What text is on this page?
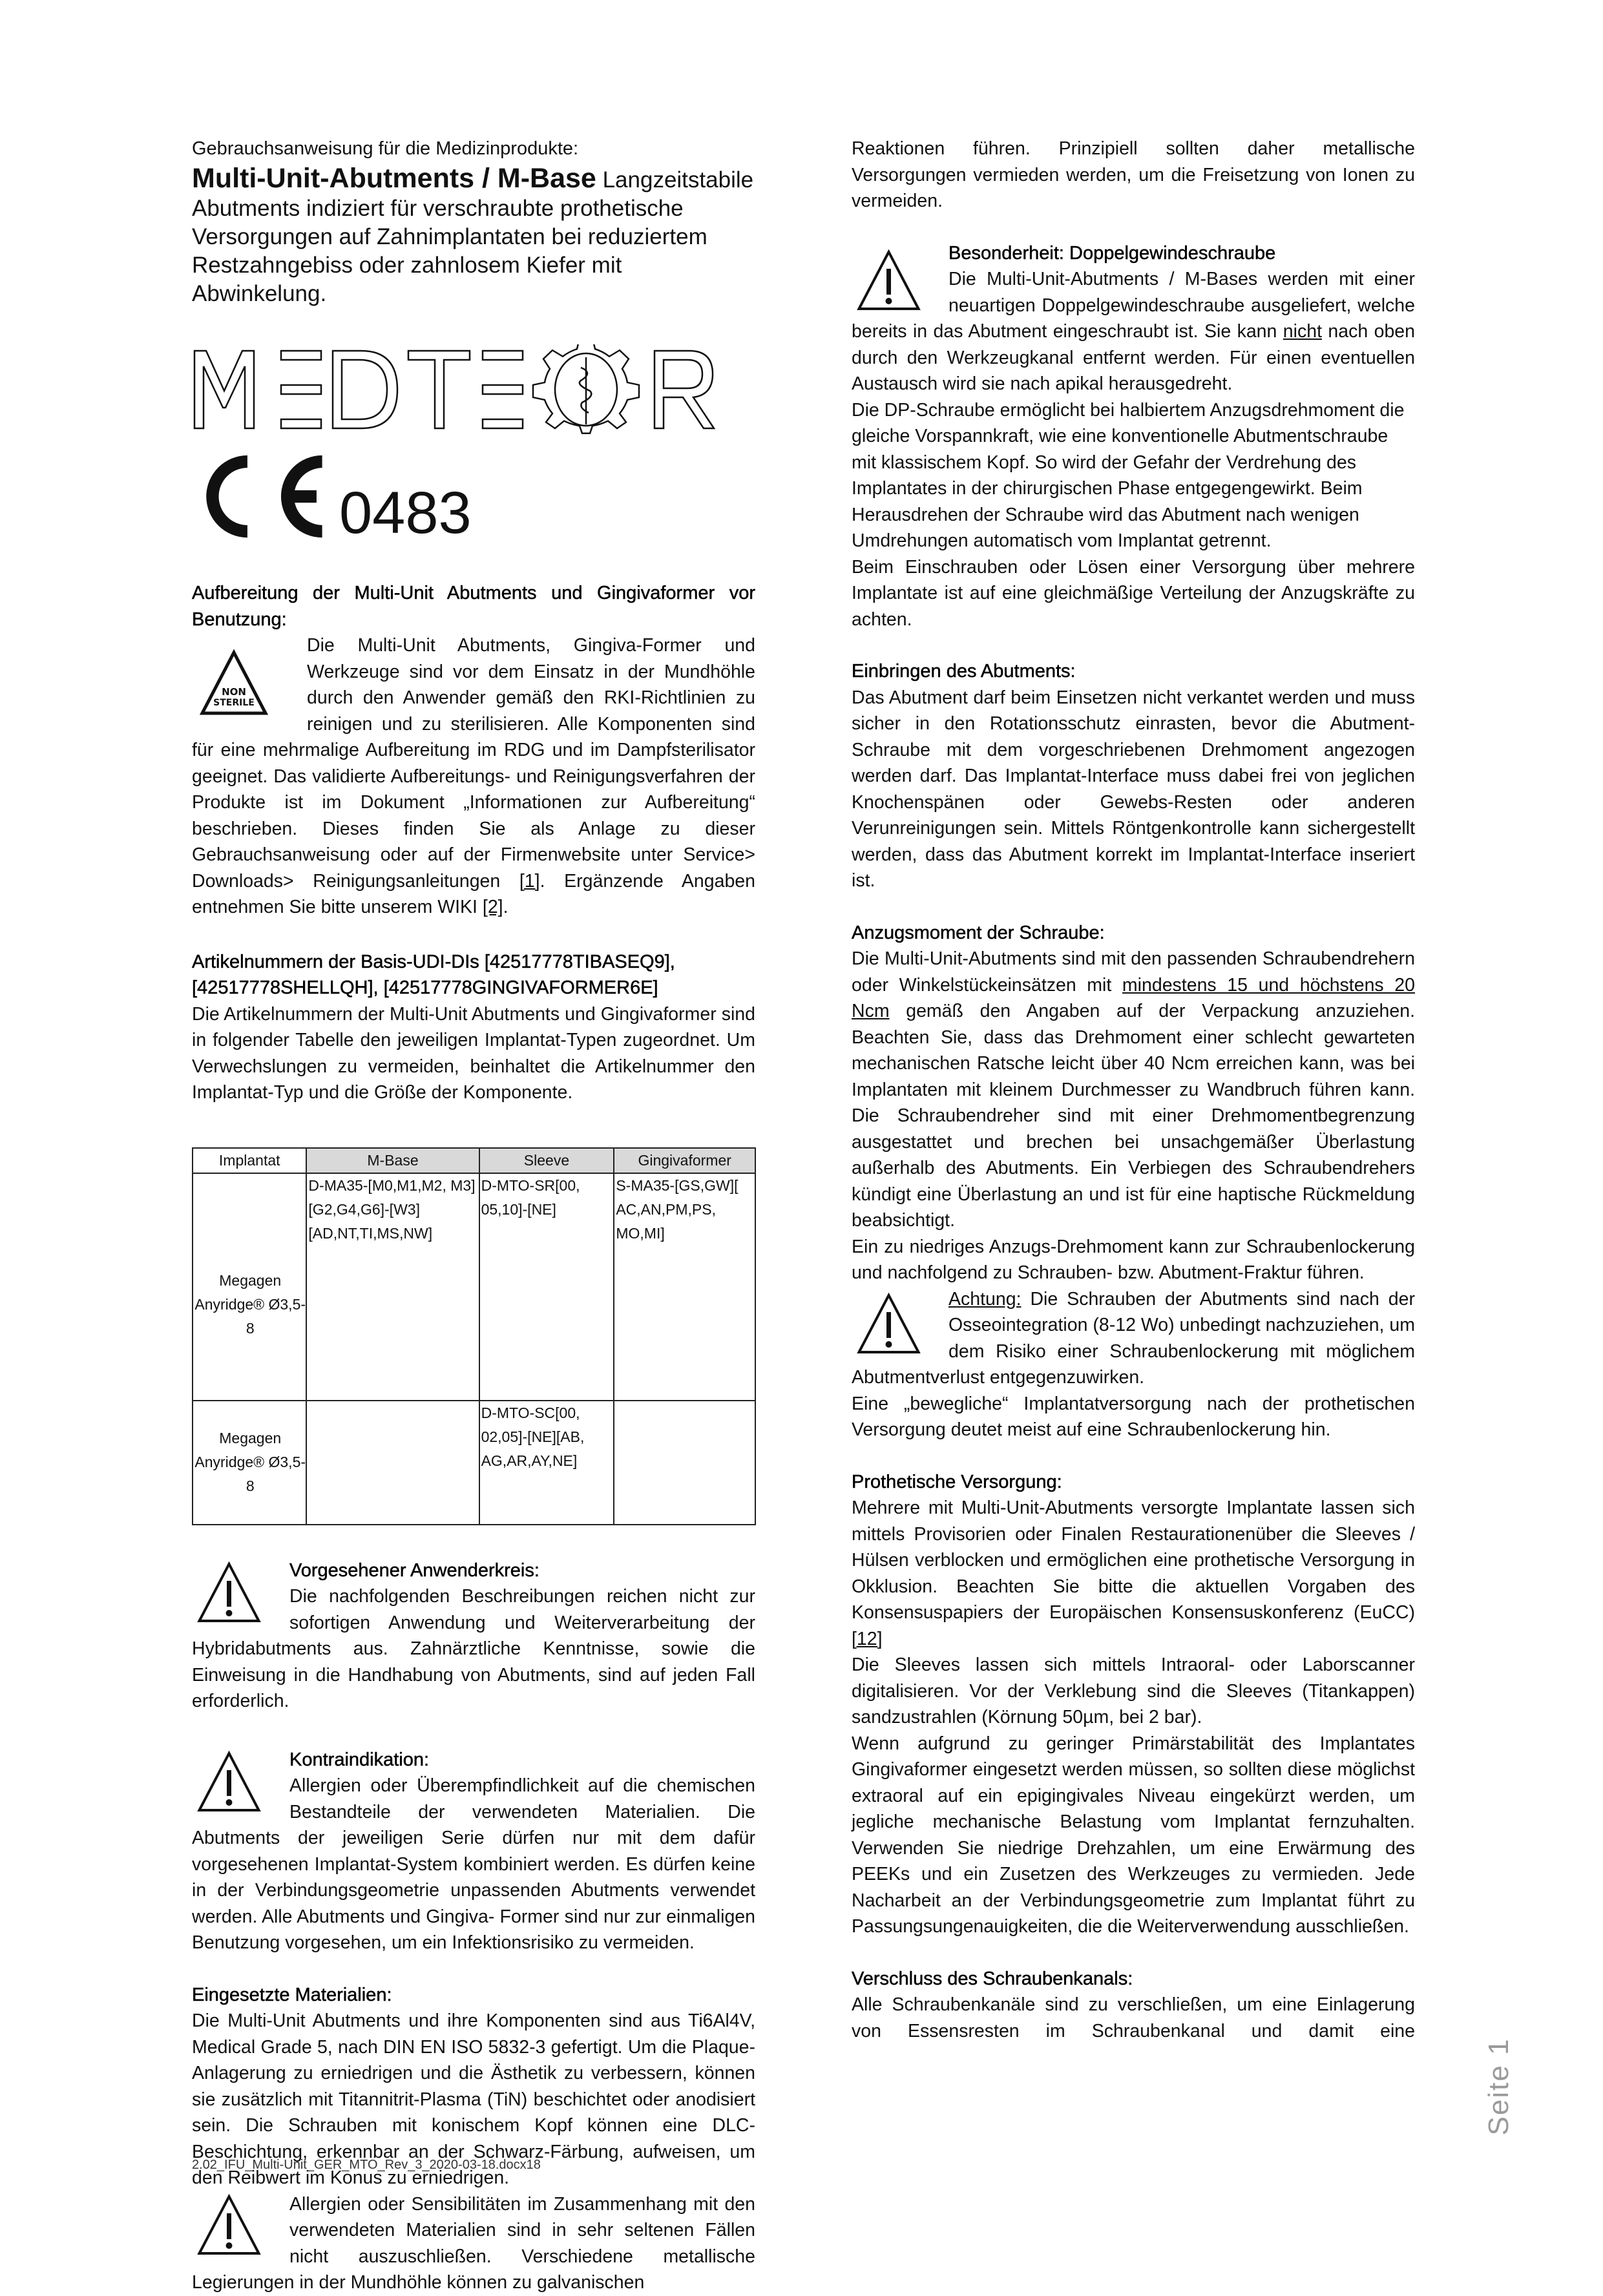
Gebrauchsanweisung für die Medizinprodukte:

Multi-Unit-Abutments / M-Base Langzeitstabile Abutments indiziert für verschraubte prothetische Versorgungen auf Zahnimplantaten bei reduziertem Restzahngebiss oder zahnlosem Kiefer mit Abwinkelung.

0483

Aufbereitung der Multi-Unit Abutments und Gingivaformer vor Benutzung:

NON
STERILE
Die Multi-Unit Abutments, Gingiva-Former und Werkzeuge sind vor dem Einsatz in der Mundhöhle durch den Anwender gemäß den RKI-Richtlinien zu reinigen und zu sterilisieren. Alle Komponenten sind für eine mehrmalige Aufbereitung im RDG und im Dampfsterilisator geeignet. Das validierte Aufbereitungs- und Reinigungsverfahren der Produkte ist im Dokument „Informationen zur Aufbereitung“ beschrieben. Dieses finden Sie als Anlage zu dieser Gebrauchsanweisung oder auf der Firmenwebsite unter Service> Downloads> Reinigungsanleitungen [1]. Ergänzende Angaben entnehmen Sie bitte unserem WIKI [2].

Artikelnummern der Basis-UDI-DIs [42517778TIBASEQ9], [42517778SHELLQH], [42517778GINGIVAFORMER6E]

Die Artikelnummern der Multi-Unit Abutments und Gingivaformer sind in folgender Tabelle den jeweiligen Implantat-Typen zugeordnet. Um Verwechslungen zu vermeiden, beinhaltet die Artikelnummer den Implantat-Typ und die Größe der Komponente.

Implantat	M-Base	Sleeve	Gingivaformer
Megagen Anyridge® Ø3,5-8	D-MA35-[M0,M1,M2, M3][G2,G4,G6]-[W3] [AD,NT,TI,MS,NW]	D-MTO-SR[00, 05,10]-[NE]	S-MA35-[GS,GW][ AC,AN,PM,PS, MO,MI]
Megagen Anyridge® Ø3,5-8		D-MTO-SC[00, 02,05]-[NE][AB, AG,AR,AY,NE]	
Vorgesehener Anwenderkreis:
Die nachfolgenden Beschreibungen reichen nicht zur sofortigen Anwendung und Weiterverarbeitung der Hybridabutments aus. Zahnärztliche Kenntnisse, sowie die Einweisung in die Handhabung von Abutments, sind auf jeden Fall erforderlich.
Kontraindikation:
Allergien oder Überempfindlichkeit auf die chemischen Bestandteile der verwendeten Materialien. Die Abutments der jeweiligen Serie dürfen nur mit dem dafür vorgesehenen Implantat-System kombiniert werden. Es dürfen keine in der Verbindungsgeometrie unpassenden Abutments verwendet werden. Alle Abutments und Gingiva- Former sind nur zur einmaligen Benutzung vorgesehen, um ein Infektionsrisiko zu vermeiden.

Eingesetzte Materialien:

Die Multi-Unit Abutments und ihre Komponenten sind aus Ti6Al4V, Medical Grade 5, nach DIN EN ISO 5832-3 gefertigt. Um die Plaque-Anlagerung zu erniedrigen und die Ästhetik zu verbessern, können sie zusätzlich mit Titannitrit-Plasma (TiN) beschichtet oder anodisiert sein. Die Schrauben mit konischem Kopf können eine DLC-Beschichtung, erkennbar an der Schwarz-Färbung, aufweisen, um den Reibwert im Konus zu erniedrigen.

Allergien oder Sensibilitäten im Zusammenhang mit den verwendeten Materialien sind in sehr seltenen Fällen nicht auszuschließen. Verschiedene metallische Legierungen in der Mundhöhle können zu galvanischen

Reaktionen führen. Prinzipiell sollten daher metallische Versorgungen vermieden werden, um die Freisetzung von Ionen zu vermeiden.

Besonderheit: Doppelgewindeschraube
Die Multi-Unit-Abutments / M-Bases werden mit einer neuartigen Doppelgewindeschraube ausgeliefert, welche bereits in das Abutment eingeschraubt ist. Sie kann nicht nach oben durch den Werkzeugkanal entfernt werden. Für einen eventuellen Austausch wird sie nach apikal herausgedreht.

Die DP-Schraube ermöglicht bei halbiertem Anzugsdrehmoment die gleiche Vorspannkraft, wie eine konventionelle Abutmentschraube mit klassischem Kopf. So wird der Gefahr der Verdrehung des Implantates in der chirurgischen Phase entgegengewirkt. Beim Herausdrehen der Schraube wird das Abutment nach wenigen Umdrehungen automatisch vom Implantat getrennt.

Beim Einschrauben oder Lösen einer Versorgung über mehrere Implantate ist auf eine gleichmäßige Verteilung der Anzugskräfte zu achten.

Einbringen des Abutments:

Das Abutment darf beim Einsetzen nicht verkantet werden und muss sicher in den Rotationsschutz einrasten, bevor die Abutment-Schraube mit dem vorgeschriebenen Drehmoment angezogen werden darf. Das Implantat-Interface muss dabei frei von jeglichen Knochenspänen oder Gewebs-Resten oder anderen Verunreinigungen sein. Mittels Röntgenkontrolle kann sichergestellt werden, dass das Abutment korrekt im Implantat-Interface inseriert ist.

Anzugsmoment der Schraube:

Die Multi-Unit-Abutments sind mit den passenden Schraubendrehern oder Winkelstückeinsätzen mit mindestens 15 und höchstens 20 Ncm gemäß den Angaben auf der Verpackung anzuziehen. Beachten Sie, dass das Drehmoment einer schlecht gewarteten mechanischen Ratsche leicht über 40 Ncm erreichen kann, was bei Implantaten mit kleinem Durchmesser zu Wandbruch führen kann. Die Schraubendreher sind mit einer Drehmomentbegrenzung ausgestattet und brechen bei unsachgemäßer Überlastung außerhalb des Abutments. Ein Verbiegen des Schraubendrehers kündigt eine Überlastung an und ist für eine haptische Rückmeldung beabsichtigt.

Ein zu niedriges Anzugs-Drehmoment kann zur Schraubenlockerung und nachfolgend zu Schrauben- bzw. Abutment-Fraktur führen.

Achtung: Die Schrauben der Abutments sind nach der Osseointegration (8-12 Wo) unbedingt nachzuziehen, um dem Risiko einer Schraubenlockerung mit möglichem Abutmentverlust entgegenzuwirken.

Eine „bewegliche“ Implantatversorgung nach der prothetischen Versorgung deutet meist auf eine Schraubenlockerung hin.

Prothetische Versorgung:

Mehrere mit Multi-Unit-Abutments versorgte Implantate lassen sich mittels Provisorien oder Finalen Restaurationenüber die Sleeves / Hülsen verblocken und ermöglichen eine prothetische Versorgung in Okklusion. Beachten Sie bitte die aktuellen Vorgaben des Konsensuspapiers der Europäischen Konsensuskonferenz (EuCC) [12]

Die Sleeves lassen sich mittels Intraoral- oder Laborscanner digitalisieren. Vor der Verklebung sind die Sleeves (Titankappen) sandzustrahlen (Körnung 50µm, bei 2 bar).

Wenn aufgrund zu geringer Primärstabilität des Implantates Gingivaformer eingesetzt werden müssen, so sollten diese möglichst extraoral auf ein epigingivales Niveau eingekürzt werden, um jegliche mechanische Belastung vom Implantat fernzuhalten. Verwenden Sie niedrige Drehzahlen, um eine Erwärmung des PEEKs und ein Zusetzen des Werkzeuges zu vermieden. Jede Nacharbeit an der Verbindungsgeometrie zum Implantat führt zu Passungsungenauigkeiten, die die Weiterverwendung ausschließen.

Verschluss des Schraubenkanals:

Alle Schraubenkanäle sind zu verschließen, um eine Einlagerung von Essensresten im Schraubenkanal und damit eine

2.02_IFU_Multi-Unit_GER_MTO_Rev_3_2020-03-18.docx18
Seite 1
